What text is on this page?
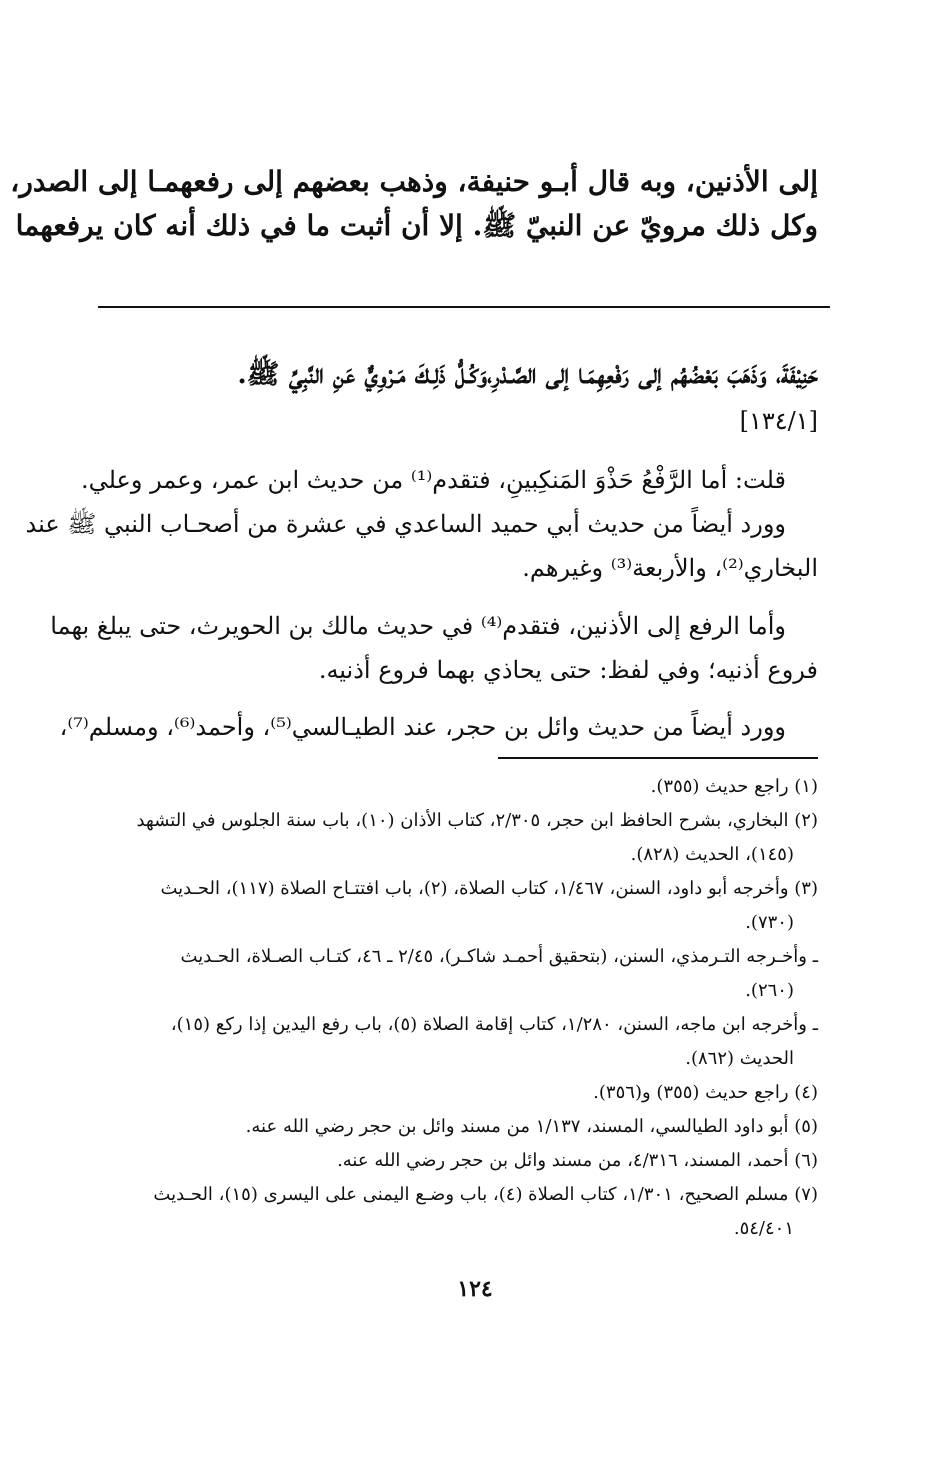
إلى الأذنين، وبه قال أبـو حنيفة، وذهب بعضهم إلى رفعهمـا إلى الصدر،
وكل ذلك مرويّ عن النبيّ ﷺ. إلا أن أثبت ما في ذلك أنه كان يرفعهما
حَنِيْفَةَ، وَذَهَبَ بَعْضُهُم إلى رَفْعِهِمَـا إلى الصَّـدْرِ،وَكُـلُّ ذَلِـكَ مَـرْوِيٌّ عَنِ النَّبِيِّ ﷺ.
[١٣٤/١]
قلت: أما الرَّفْعُ حَذْوَ المَنكِبينِ، فتقدم⁽¹⁾ من حديث ابن عمر، وعمر وعلي.
وورد أيضاً من حديث أبي حميد الساعدي في عشرة من أصحـاب النبي ﷺ عند
البخاري⁽²⁾، والأربعة⁽³⁾ وغيرهم.
وأما الرفع إلى الأذنين، فتقدم⁽⁴⁾ في حديث مالك بن الحويرث، حتى يبلغ بهما
فروع أذنيه؛ وفي لفظ: حتى يحاذي بهما فروع أذنيه.
وورد أيضاً من حديث وائل بن حجر، عند الطيـالسي⁽⁵⁾، وأحمد⁽⁶⁾، ومسلم⁽⁷⁾،
(١) راجع حديث (٣٥٥).
(٢) البخاري، بشرح الحافظ ابن حجر، ٢/٣٠٥، كتاب الأذان (١٠)، باب سنة الجلوس في التشهد
(١٤٥)، الحديث (٨٢٨).
(٣) وأخرجه أبو داود، السنن، ١/٤٦٧، كتاب الصلاة، (٢)، باب افتتـاح الصلاة (١١٧)، الحـديث
(٧٣٠).
ـ وأخـرجه التـرمذي، السنن، (بتحقيق أحمـد شاكـر)، ٢/٤٥ ـ ٤٦، كتـاب الصـلاة، الحـديث
(٢٦٠).
ـ وأخرجه ابن ماجه، السنن، ١/٢٨٠، كتاب إقامة الصلاة (٥)، باب رفع اليدين إذا ركع (١٥)،
الحديث (٨٦٢).
(٤) راجع حديث (٣٥٥) و(٣٥٦).
(٥) أبو داود الطيالسي، المسند، ١/١٣٧ من مسند وائل بن حجر رضي الله عنه.
(٦) أحمد، المسند، ٤/٣١٦، من مسند وائل بن حجر رضي الله عنه.
(٧) مسلم الصحيح، ١/٣٠١، كتاب الصلاة (٤)، باب وضـع اليمنى على اليسرى (١٥)، الحـديث
٥٤/٤٠١.
١٢٤
